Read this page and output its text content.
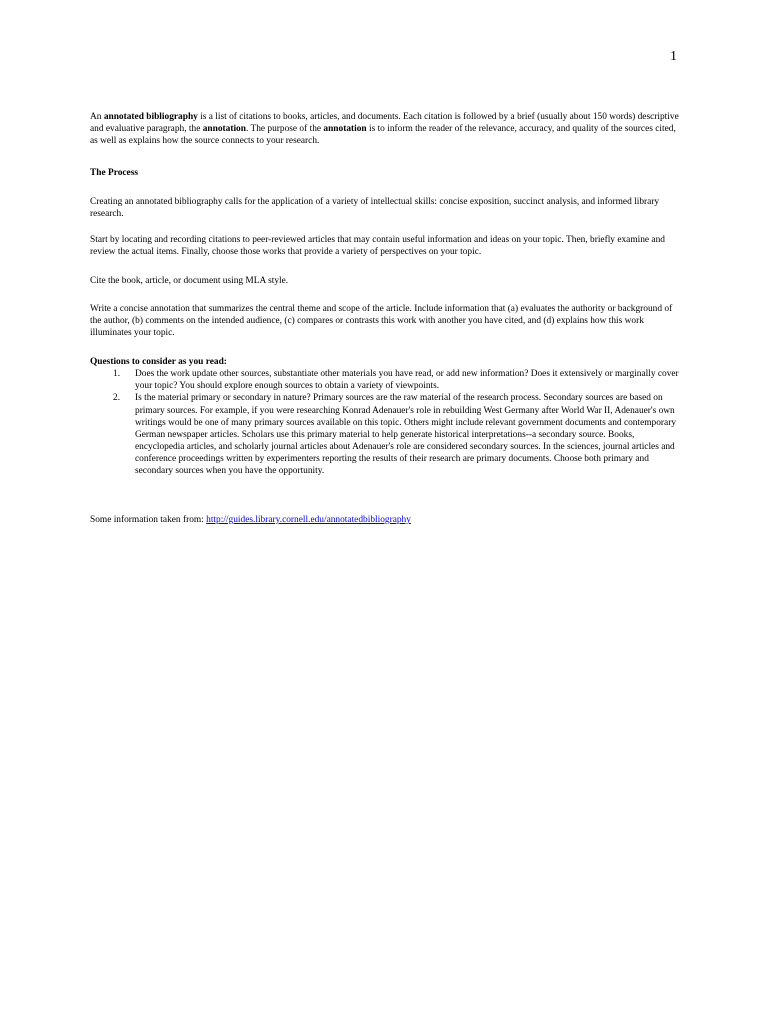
1

An annotated bibliography is a list of citations to books, articles, and documents. Each citation is followed by a brief (usually about 150 words) descriptive and evaluative paragraph, the annotation. The purpose of the annotation is to inform the reader of the relevance, accuracy, and quality of the sources cited, as well as explains how the source connects to your research.

The Process

Creating an annotated bibliography calls for the application of a variety of intellectual skills: concise exposition, succinct analysis, and informed library research.

Start by locating and recording citations to peer-reviewed articles that may contain useful information and ideas on your topic. Then, briefly examine and review the actual items. Finally, choose those works that provide a variety of perspectives on your topic.

Cite the book, article, or document using MLA style.

Write a concise annotation that summarizes the central theme and scope of the article. Include information that (a) evaluates the authority or background of the author, (b) comments on the intended audience, (c) compares or contrasts this work with another you have cited, and (d) explains how this work illuminates your topic.

Questions to consider as you read:

1. Does the work update other sources, substantiate other materials you have read, or add new information? Does it extensively or marginally cover your topic? You should explore enough sources to obtain a variety of viewpoints.
2. Is the material primary or secondary in nature? Primary sources are the raw material of the research process. Secondary sources are based on primary sources. For example, if you were researching Konrad Adenauer's role in rebuilding West Germany after World War II, Adenauer's own writings would be one of many primary sources available on this topic. Others might include relevant government documents and contemporary German newspaper articles. Scholars use this primary material to help generate historical interpretations--a secondary source. Books, encyclopedia articles, and scholarly journal articles about Adenauer's role are considered secondary sources. In the sciences, journal articles and conference proceedings written by experimenters reporting the results of their research are primary documents. Choose both primary and secondary sources when you have the opportunity.

Some information taken from: http://guides.library.cornell.edu/annotatedbibliography
